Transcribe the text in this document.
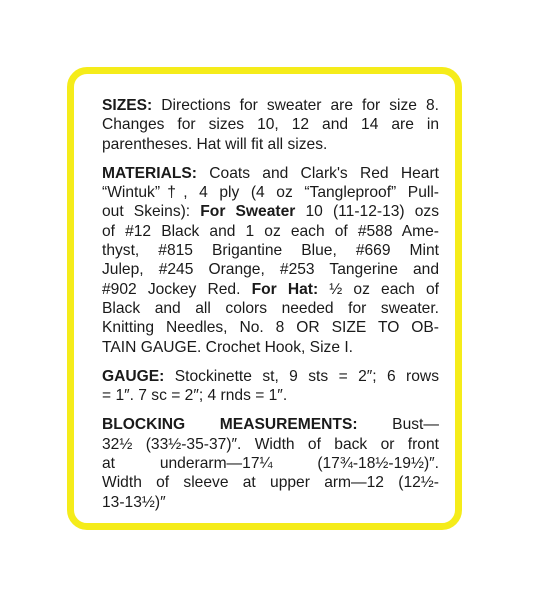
SIZES: Directions for sweater are for size 8.
Changes for sizes 10, 12 and 14 are in
parentheses. Hat will fit all sizes.

MATERIALS: Coats and Clark's Red Heart
“Wintuk”†, 4 ply (4 oz “Tangleproof” Pull-
out Skeins): For Sweater 10 (11-12-13) ozs
of #12 Black and 1 oz each of #588 Ame-
thyst, #815 Brigantine Blue, #669 Mint
Julep, #245 Orange, #253 Tangerine and
#902 Jockey Red. For Hat: ½ oz each of
Black and all colors needed for sweater.
Knitting Needles, No. 8 OR SIZE TO OB-
TAIN GAUGE. Crochet Hook, Size I.

GAUGE: Stockinette st, 9 sts = 2″; 6 rows
= 1″. 7 sc = 2″; 4 rnds = 1″.

BLOCKING MEASUREMENTS: Bust—
32½ (33½-35-37)″. Width of back or front
at underarm—17¼ (17¾-18½-19½)″.
Width of sleeve at upper arm—12 (12½-
13-13½)″
